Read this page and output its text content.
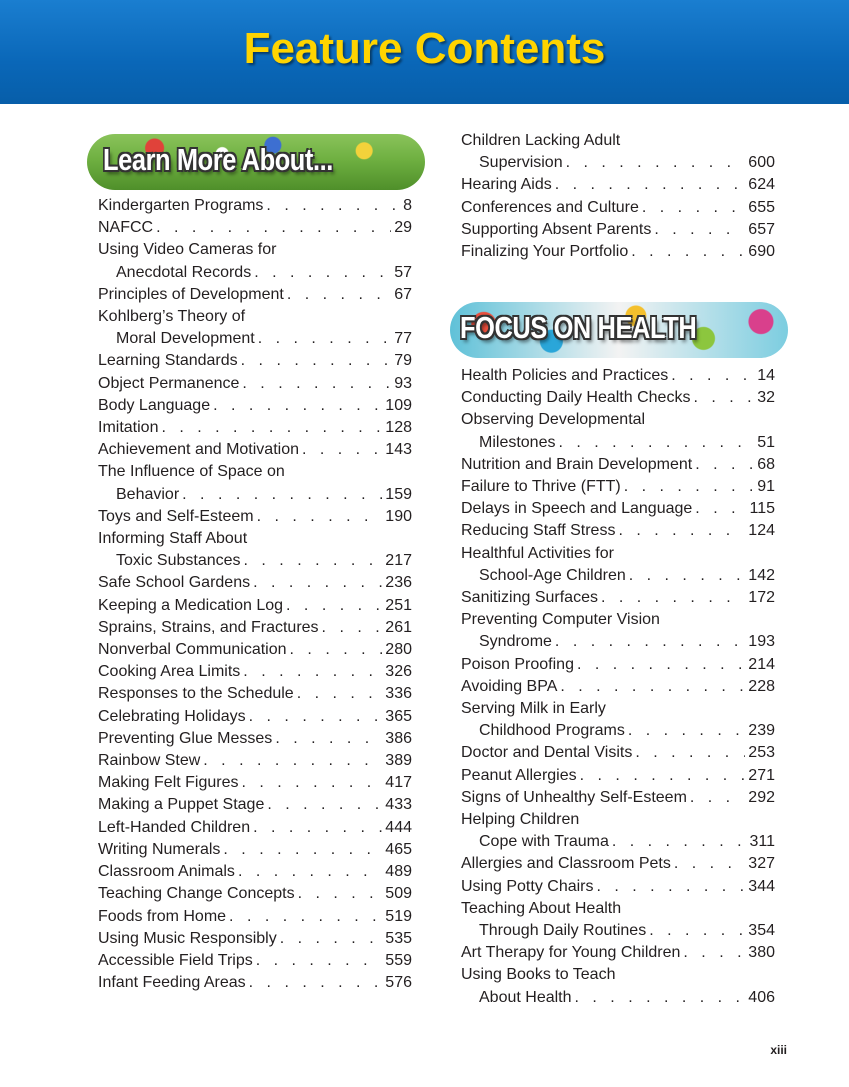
Feature Contents
Learn More About...
Kindergarten Programs . . .	8
NAFCC . . .	29
Using Video Cameras for
Anecdotal Records . . .	57
Principles of Development . . .	67
Kohlberg’s Theory of
Moral Development . . .	77
Learning Standards . . .	79
Object Permanence . . .	93
Body Language . . .	109
Imitation . . .	128
Achievement and Motivation . . .	143
The Influence of Space on
Behavior . . .	159
Toys and Self-Esteem . . .	190
Informing Staff About
Toxic Substances . . .	217
Safe School Gardens . . .	236
Keeping a Medication Log . . .	251
Sprains, Strains, and Fractures . . .	261
Nonverbal Communication . . .	280
Cooking Area Limits . . .	326
Responses to the Schedule . . .	336
Celebrating Holidays . . .	365
Preventing Glue Messes . . .	386
Rainbow Stew . . .	389
Making Felt Figures . . .	417
Making a Puppet Stage . . .	433
Left-Handed Children . . .	444
Writing Numerals . . .	465
Classroom Animals . . .	489
Teaching Change Concepts . . .	509
Foods from Home . . .	519
Using Music Responsibly . . .	535
Accessible Field Trips . . .	559
Infant Feeding Areas . . .	576
Children Lacking Adult
Supervision . . .	600
Hearing Aids . . .	624
Conferences and Culture . . .	655
Supporting Absent Parents . . .	657
Finalizing Your Portfolio . . .	690
FOCUS ON HEALTH
Health Policies and Practices . . .	14
Conducting Daily Health Checks . . .	32
Observing Developmental
Milestones . . .	51
Nutrition and Brain Development . . .	68
Failure to Thrive (FTT) . . .	91
Delays in Speech and Language . . .	115
Reducing Staff Stress . . .	124
Healthful Activities for
School-Age Children . . .	142
Sanitizing Surfaces . . .	172
Preventing Computer Vision
Syndrome . . .	193
Poison Proofing . . .	214
Avoiding BPA . . .	228
Serving Milk in Early
Childhood Programs . . .	239
Doctor and Dental Visits . . .	253
Peanut Allergies . . .	271
Signs of Unhealthy Self-Esteem . . .	292
Helping Children
Cope with Trauma . . .	311
Allergies and Classroom Pets . . .	327
Using Potty Chairs . . .	344
Teaching About Health
Through Daily Routines . . .	354
Art Therapy for Young Children . . .	380
Using Books to Teach
About Health . . .	406
xiii
